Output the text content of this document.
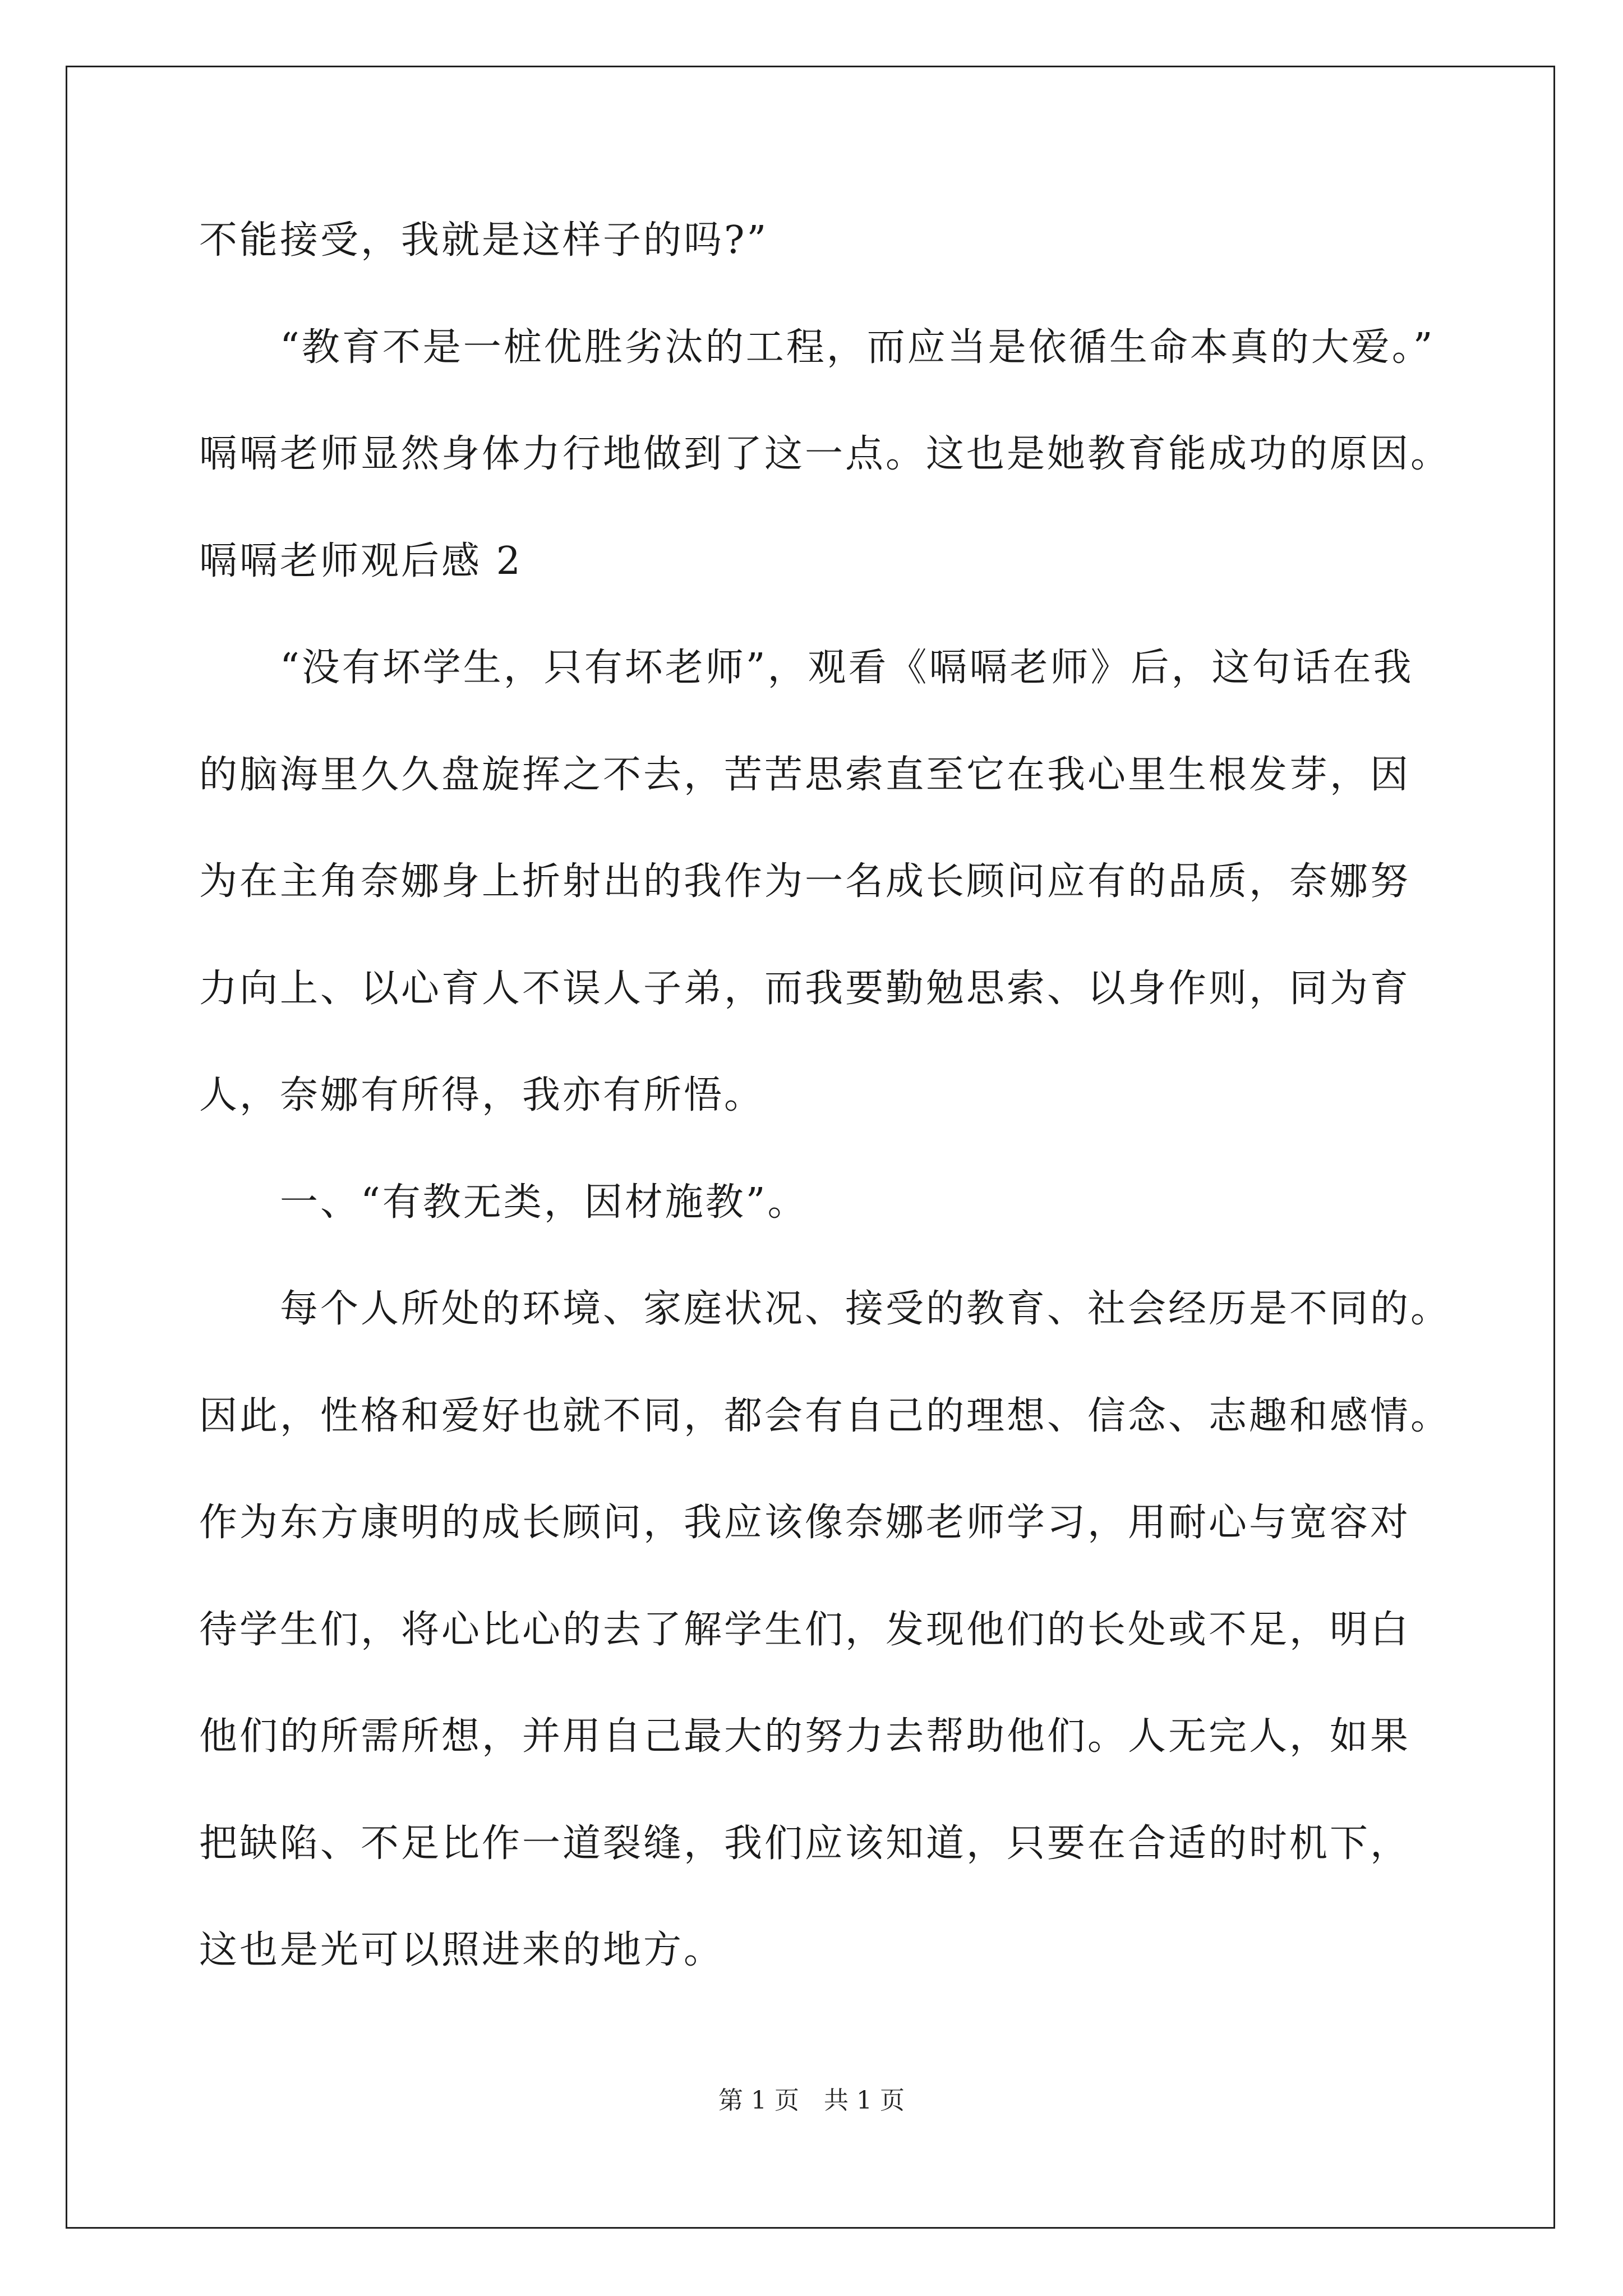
不能接受，我就是这样子的吗?”
　　“教育不是一桩优胜劣汰的工程，而应当是依循生命本真的大爱。”
嗝嗝老师显然身体力行地做到了这一点。这也是她教育能成功的原因。
嗝嗝老师观后感 2
　　“没有坏学生，只有坏老师”，观看《嗝嗝老师》后，这句话在我
的脑海里久久盘旋挥之不去，苦苦思索直至它在我心里生根发芽，因
为在主角奈娜身上折射出的我作为一名成长顾问应有的品质，奈娜努
力向上、以心育人不误人子弟，而我要勤勉思索、以身作则，同为育
人，奈娜有所得，我亦有所悟。
　　一、“有教无类，因材施教”。
　　每个人所处的环境、家庭状况、接受的教育、社会经历是不同的。
因此，性格和爱好也就不同，都会有自己的理想、信念、志趣和感情。
作为东方康明的成长顾问，我应该像奈娜老师学习，用耐心与宽容对
待学生们，将心比心的去了解学生们，发现他们的长处或不足，明白
他们的所需所想，并用自己最大的努力去帮助他们。人无完人，如果
把缺陷、不足比作一道裂缝，我们应该知道，只要在合适的时机下，
这也是光可以照进来的地方。
第 1 页　共 1 页
